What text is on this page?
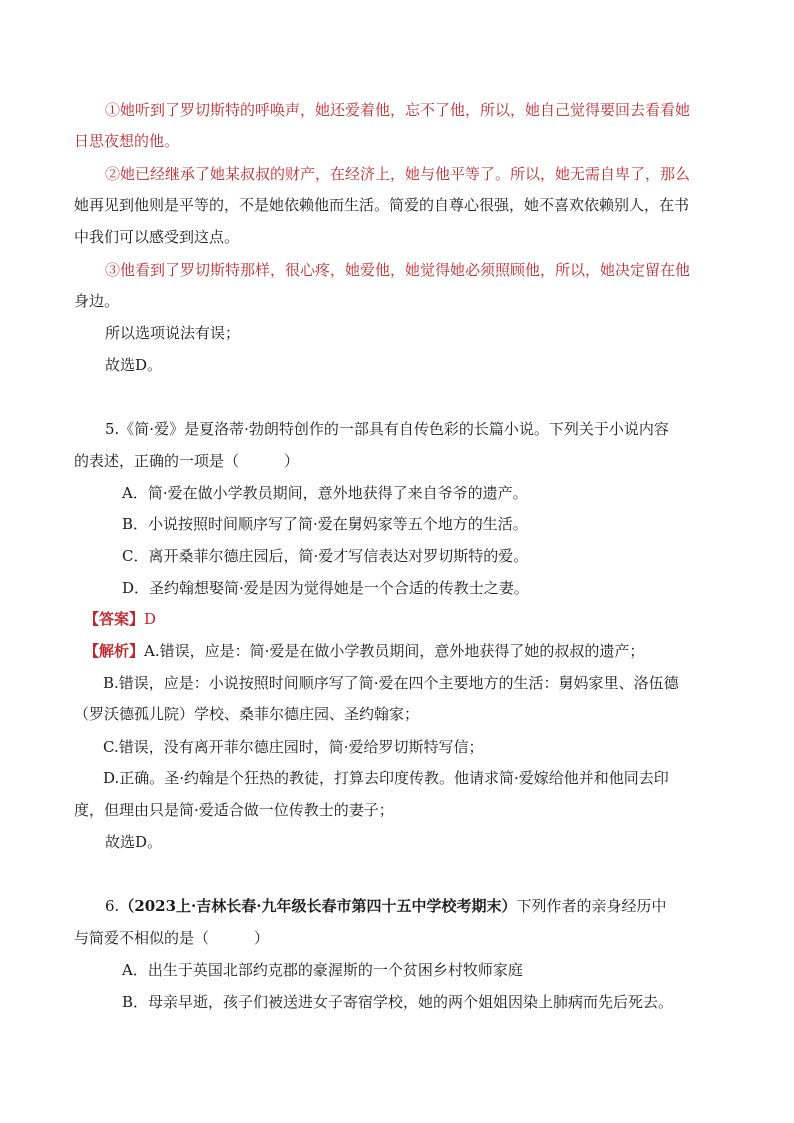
①她听到了罗切斯特的呼唤声，她还爱着他，忘不了他，所以，她自己觉得要回去看看她
日思夜想的他。
②她已经继承了她某叔叔的财产，在经济上，她与他平等了。所以，她无需自卑了，那么
她再见到他则是平等的，不是她依赖他而生活。简爱的自尊心很强，她不喜欢依赖别人，在书
中我们可以感受到这点。
③他看到了罗切斯特那样，很心疼，她爱他，她觉得她必须照顾他，所以，她决定留在他
身边。
所以选项说法有误；
故选D。
5.《简·爱》是夏洛蒂·勃朗特创作的一部具有自传色彩的长篇小说。下列关于小说内容
的表述，正确的一项是（　　　）
A．简·爱在做小学教员期间，意外地获得了来自爷爷的遗产。
B．小说按照时间顺序写了简·爱在舅妈家等五个地方的生活。
C．离开桑菲尔德庄园后，简·爱才写信表达对罗切斯特的爱。
D．圣约翰想娶简·爱是因为觉得她是一个合适的传教士之妻。
【答案】D
【解析】A.错误，应是：简·爱是在做小学教员期间，意外地获得了她的叔叔的遗产；
B.错误，应是：小说按照时间顺序写了简·爱在四个主要地方的生活：舅妈家里、洛伍德
（罗沃德孤儿院）学校、桑菲尔德庄园、圣约翰家；
C.错误，没有离开菲尔德庄园时，简·爱给罗切斯特写信；
D.正确。圣·约翰是个狂热的教徒，打算去印度传教。他请求简·爱嫁给他并和他同去印
度，但理由只是简·爱适合做一位传教士的妻子；
故选D。
6.（2023上·吉林长春·九年级长春市第四十五中学校考期末）下列作者的亲身经历中
与简爱不相似的是（　　　）
A．出生于英国北部约克郡的豪渥斯的一个贫困乡村牧师家庭
B．母亲早逝，孩子们被送进女子寄宿学校，她的两个姐姐因染上肺病而先后死去。
